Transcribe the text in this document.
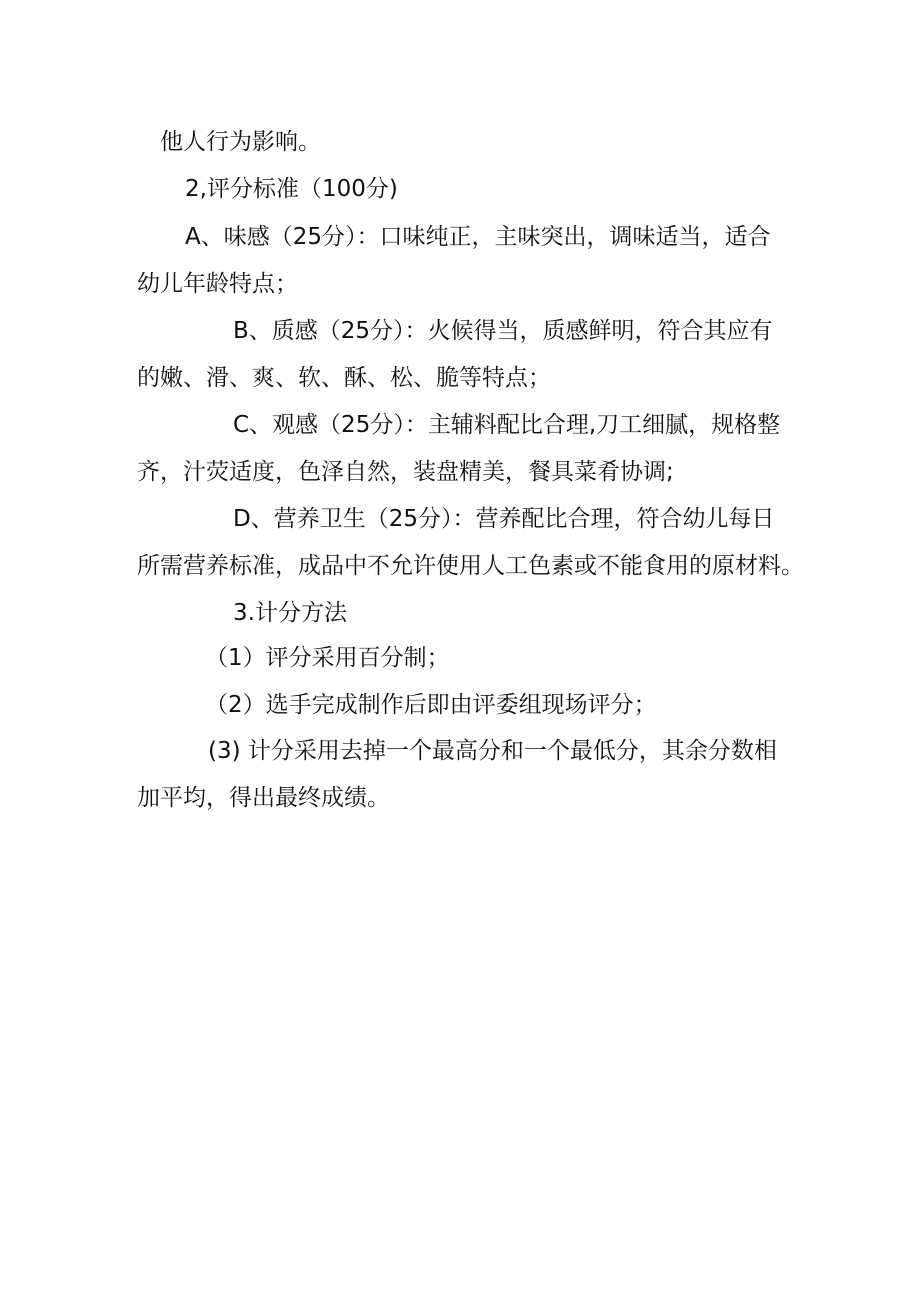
他人行为影响。
2,评分标准（100分)
A、味感（25分）：口味纯正，主味突出，调味适当，适合
幼儿年龄特点；
B、质感（25分）：火候得当，质感鲜明，符合其应有
的嫩、滑、爽、软、酥、松、脆等特点；
C、观感（25分）：主辅料配比合理,刀工细腻，规格整
齐，汁荧适度，色泽自然，装盘精美，餐具菜肴协调;
D、营养卫生（25分）：营养配比合理，符合幼儿每日
所需营养标准，成品中不允许使用人工色素或不能食用的原材料。
3.计分方法
（1）评分采用百分制；
（2）选手完成制作后即由评委组现场评分；
(3) 计分采用去掉一个最高分和一个最低分，其余分数相
加平均，得出最终成绩。
